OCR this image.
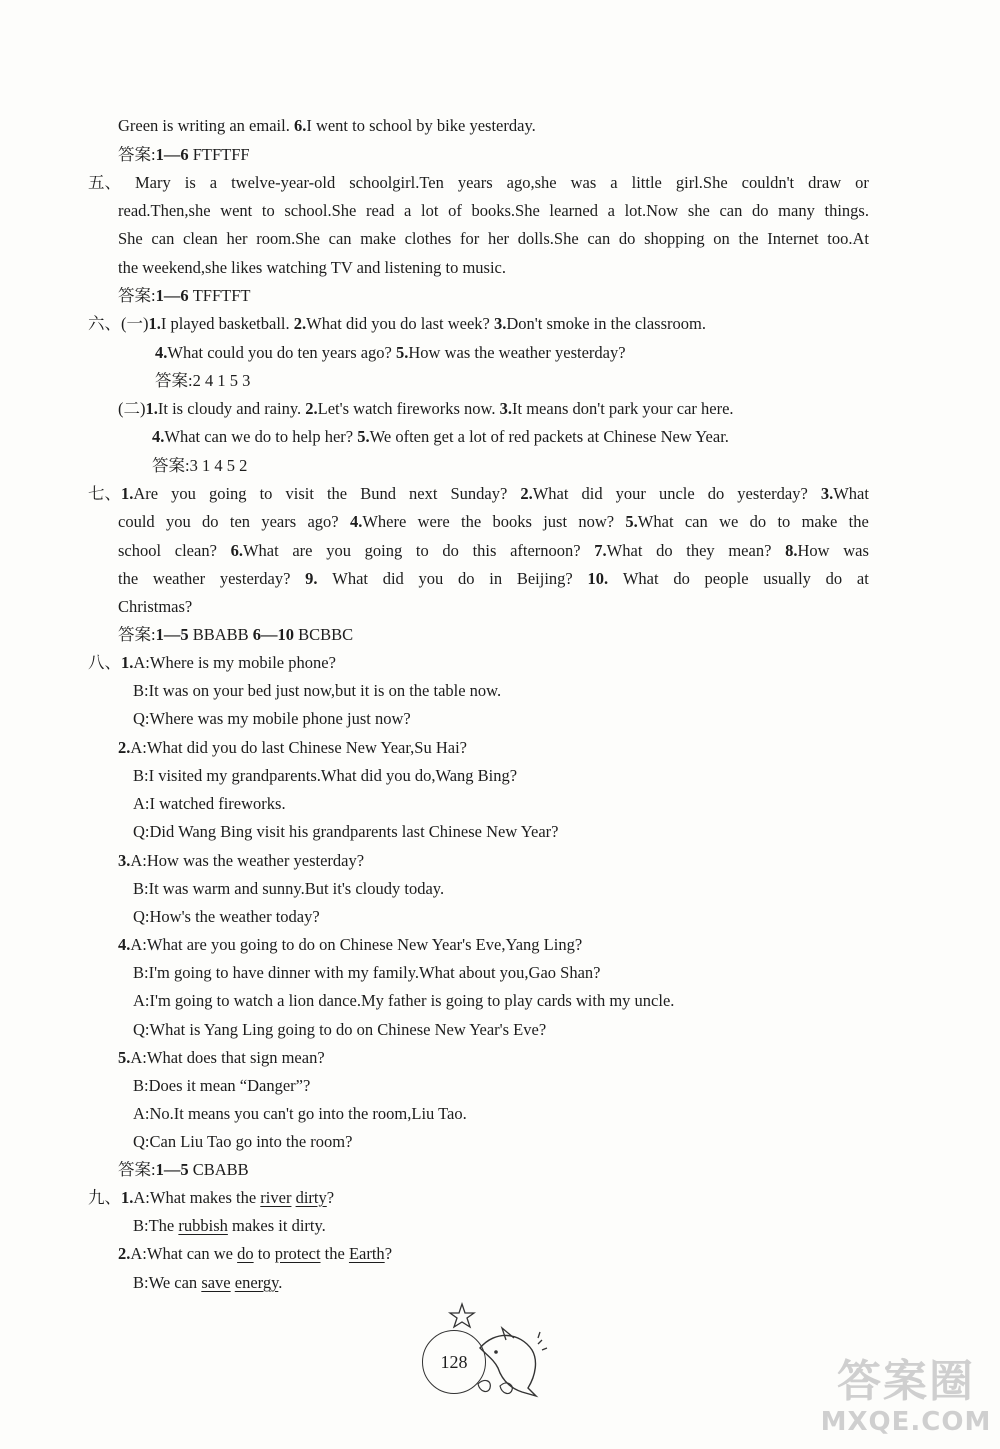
Green is writing an email. 6.I went to school by bike yesterday.
答案:1—6 FTFTFF
五、 Mary is a twelve-year-old schoolgirl.Ten years ago,she was a little girl.She couldn't draw or
read.Then,she went to school.She read a lot of books.She learned a lot.Now she can do many things.
She can clean her room.She can make clothes for her dolls.She can do shopping on the Internet too.At
the weekend,she likes watching TV and listening to music.
答案:1—6 TFFTFT
六、(一)1.I played basketball. 2.What did you do last week? 3.Don't smoke in the classroom.
4.What could you do ten years ago? 5.How was the weather yesterday?
答案:2 4 1 5 3
(二)1.It is cloudy and rainy. 2.Let's watch fireworks now. 3.It means don't park your car here.
4.What can we do to help her? 5.We often get a lot of red packets at Chinese New Year.
答案:3 1 4 5 2
七、1.Are you going to visit the Bund next Sunday? 2.What did your uncle do yesterday? 3.What
could you do ten years ago? 4.Where were the books just now? 5.What can we do to make the
school clean? 6.What are you going to do this afternoon? 7.What do they mean? 8.How was
the weather yesterday? 9. What did you do in Beijing? 10. What do people usually do at
Christmas?
答案:1—5 BBABB 6—10 BCBBC
八、1.A:Where is my mobile phone?
B:It was on your bed just now,but it is on the table now.
Q:Where was my mobile phone just now?
2.A:What did you do last Chinese New Year,Su Hai?
B:I visited my grandparents.What did you do,Wang Bing?
A:I watched fireworks.
Q:Did Wang Bing visit his grandparents last Chinese New Year?
3.A:How was the weather yesterday?
B:It was warm and sunny.But it's cloudy today.
Q:How's the weather today?
4.A:What are you going to do on Chinese New Year's Eve,Yang Ling?
B:I'm going to have dinner with my family.What about you,Gao Shan?
A:I'm going to watch a lion dance.My father is going to play cards with my uncle.
Q:What is Yang Ling going to do on Chinese New Year's Eve?
5.A:What does that sign mean?
B:Does it mean “Danger”?
A:No.It means you can't go into the room,Liu Tao.
Q:Can Liu Tao go into the room?
答案:1—5 CBABB
九、1.A:What makes the river dirty?
B:The rubbish makes it dirty.
2.A:What can we do to protect the Earth?
B:We can save energy.
128	答案圈
MXQE.COM
